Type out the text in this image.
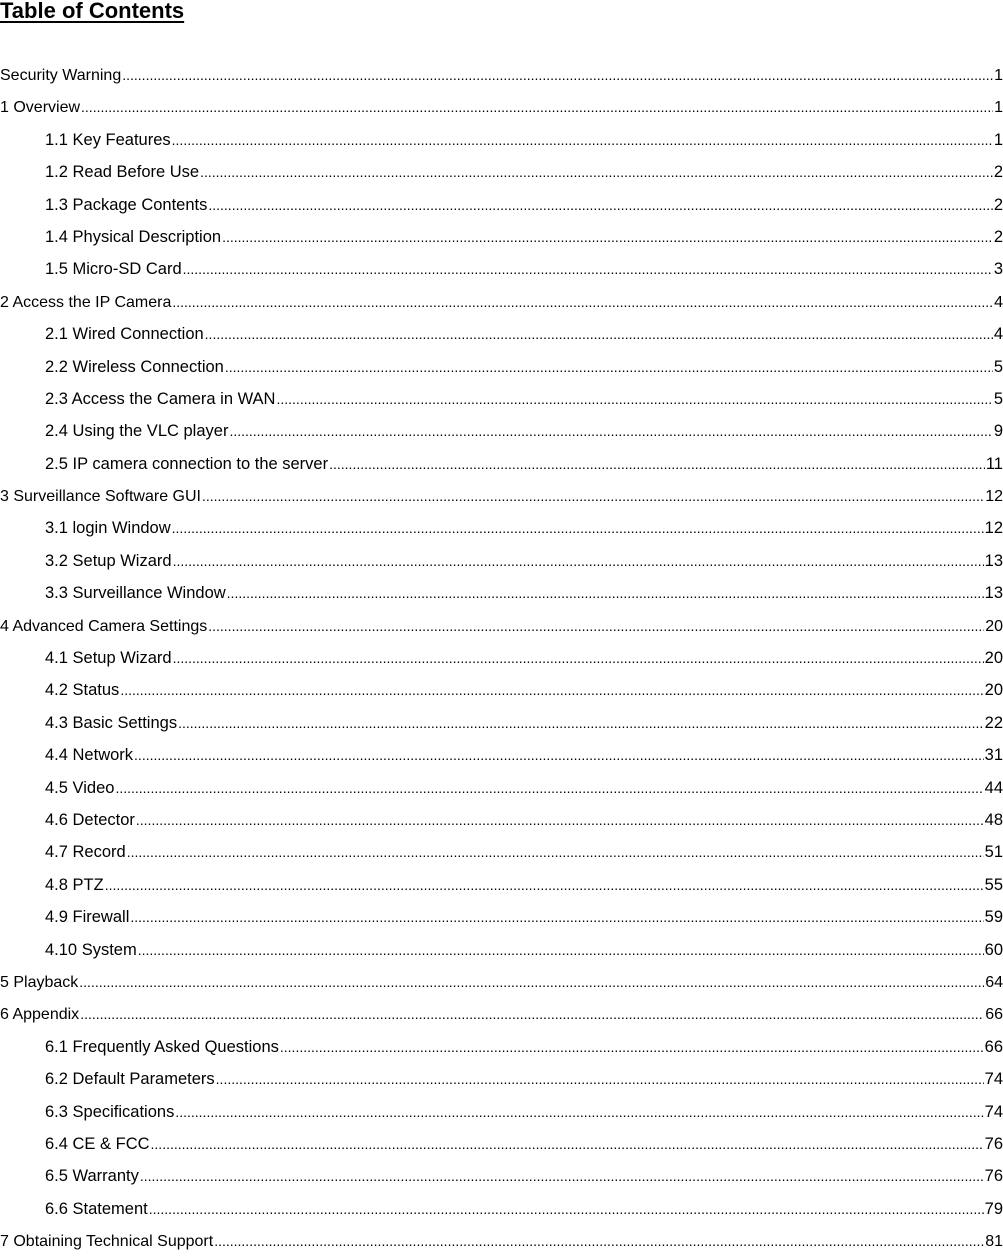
Table of Contents
Security Warning .....	1
1 Overview .....	1
1.1 Key Features .....	1
1.2 Read Before Use .....	2
1.3 Package Contents .....	2
1.4 Physical Description .....	2
1.5 Micro-SD Card .....	3
2 Access the IP Camera .....	4
2.1 Wired Connection .....	4
2.2 Wireless Connection .....	5
2.3 Access the Camera in WAN .....	5
2.4 Using the VLC player .....	9
2.5 IP camera connection to the server .....	11
3 Surveillance Software GUI .....	12
3.1 login Window .....	12
3.2 Setup Wizard .....	13
3.3 Surveillance Window .....	13
4 Advanced Camera Settings .....	20
4.1 Setup Wizard .....	20
4.2 Status .....	20
4.3 Basic Settings .....	22
4.4 Network .....	31
4.5 Video .....	44
4.6 Detector .....	48
4.7 Record .....	51
4.8 PTZ .....	55
4.9 Firewall .....	59
4.10 System .....	60
5 Playback .....	64
6 Appendix .....	66
6.1 Frequently Asked Questions .....	66
6.2 Default Parameters .....	74
6.3 Specifications .....	74
6.4 CE & FCC .....	76
6.5 Warranty .....	76
6.6 Statement .....	79
7 Obtaining Technical Support .....	81
